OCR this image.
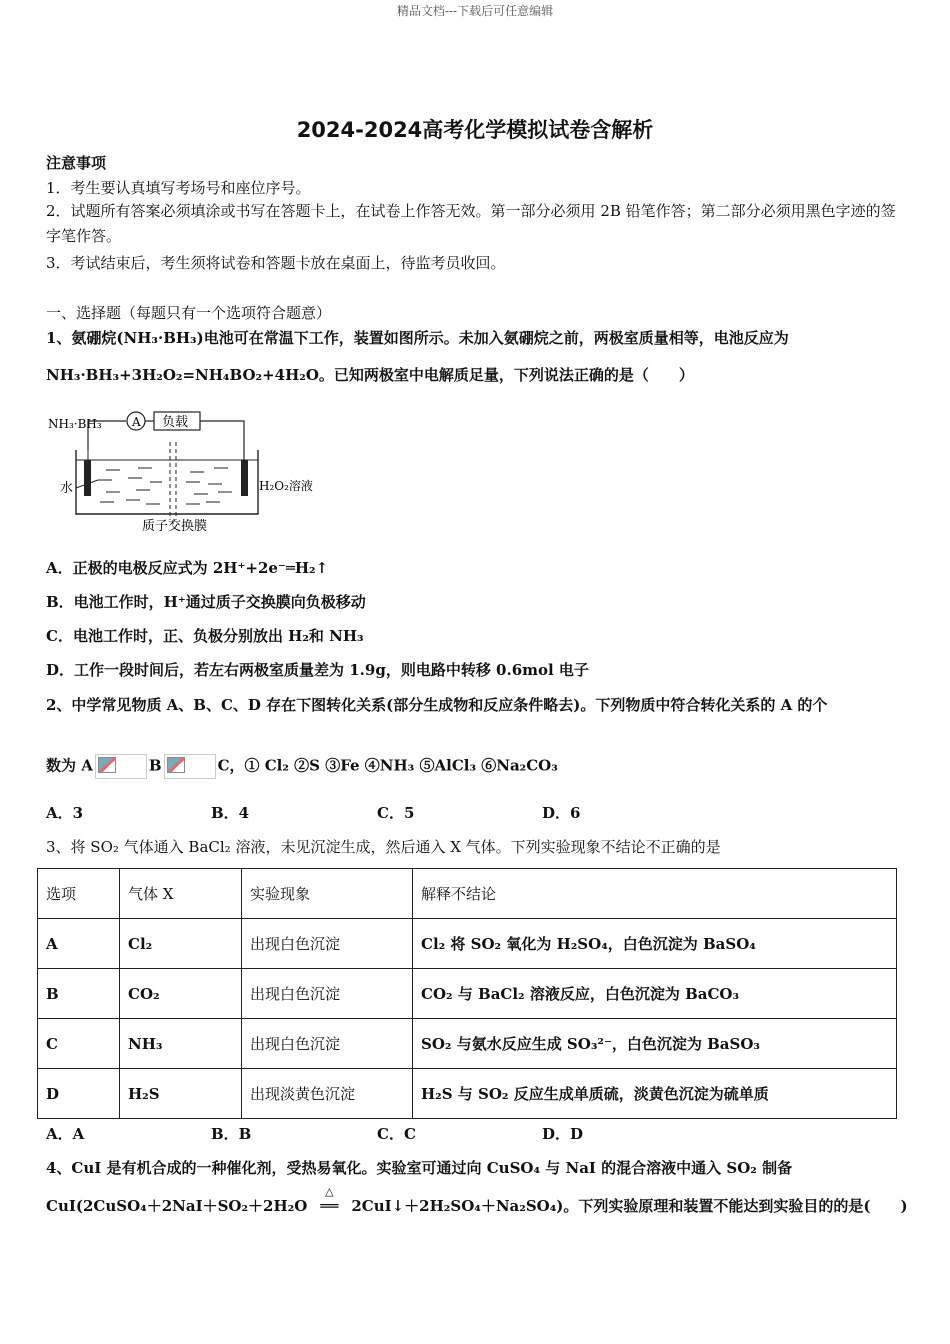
精品文档---下载后可任意编辑
2024-2024高考化学模拟试卷含解析
注意事项
1．考生要认真填写考场号和座位序号。
2．试题所有答案必须填涂或书写在答题卡上，在试卷上作答无效。第一部分必须用 2B 铅笔作答；第二部分必须用黑色字迹的签字笔作答。
3．考试结束后，考生须将试卷和答题卡放在桌面上，待监考员收回。
一、选择题（每题只有一个选项符合题意）
1、氨硼烷(NH₃·BH₃)电池可在常温下工作，装置如图所示。未加入氨硼烷之前，两极室质量相等，电池反应为
NH₃·BH₃+3H₂O₂=NH₄BO₂+4H₂O。已知两极室中电解质足量，下列说法正确的是（　　）
NH₃·BH₃	A 负载
水	H₂O₂溶液
质子交换膜
A．正极的电极反应式为 2H⁺+2e⁻═H₂↑
B．电池工作时，H⁺通过质子交换膜向负极移动
C．电池工作时，正、负极分别放出 H₂和 NH₃
D．工作一段时间后，若左右两极室质量差为 1.9g，则电路中转移 0.6mol 电子
2、中学常见物质 A、B、C、D 存在下图转化关系(部分生成物和反应条件略去)。下列物质中符合转化关系的 A 的个
数为 A	B	C，① Cl₂ ②S ③Fe ④NH₃ ⑤AlCl₃ ⑥Na₂CO₃
A．3	B．4	C．5	D．6
3、将 SO₂ 气体通入 BaCl₂ 溶液，未见沉淀生成，然后通入 X 气体。下列实验现象不结论不正确的是
选项	气体 X	实验现象	解释不结论
A	Cl₂	出现白色沉淀	Cl₂ 将 SO₂ 氧化为 H₂SO₄，白色沉淀为 BaSO₄
B	CO₂	出现白色沉淀	CO₂ 与 BaCl₂ 溶液反应，白色沉淀为 BaCO₃
C	NH₃	出现白色沉淀	SO₂ 与氨水反应生成 SO₃²⁻，白色沉淀为 BaSO₃
D	H₂S	出现淡黄色沉淀	H₂S 与 SO₂ 反应生成单质硫，淡黄色沉淀为硫单质
A．A	B．B	C．C	D．D
4、CuI 是有机合成的一种催化剂，受热易氧化。实验室可通过向 CuSO₄ 与 NaI 的混合溶液中通入 SO₂ 制备
CuI(2CuSO₄＋2NaI＋SO₂＋2H₂O
△
══ 2CuI↓＋2H₂SO₄＋Na₂SO₄)。下列实验原理和装置不能达到实验目的的是(　　)
